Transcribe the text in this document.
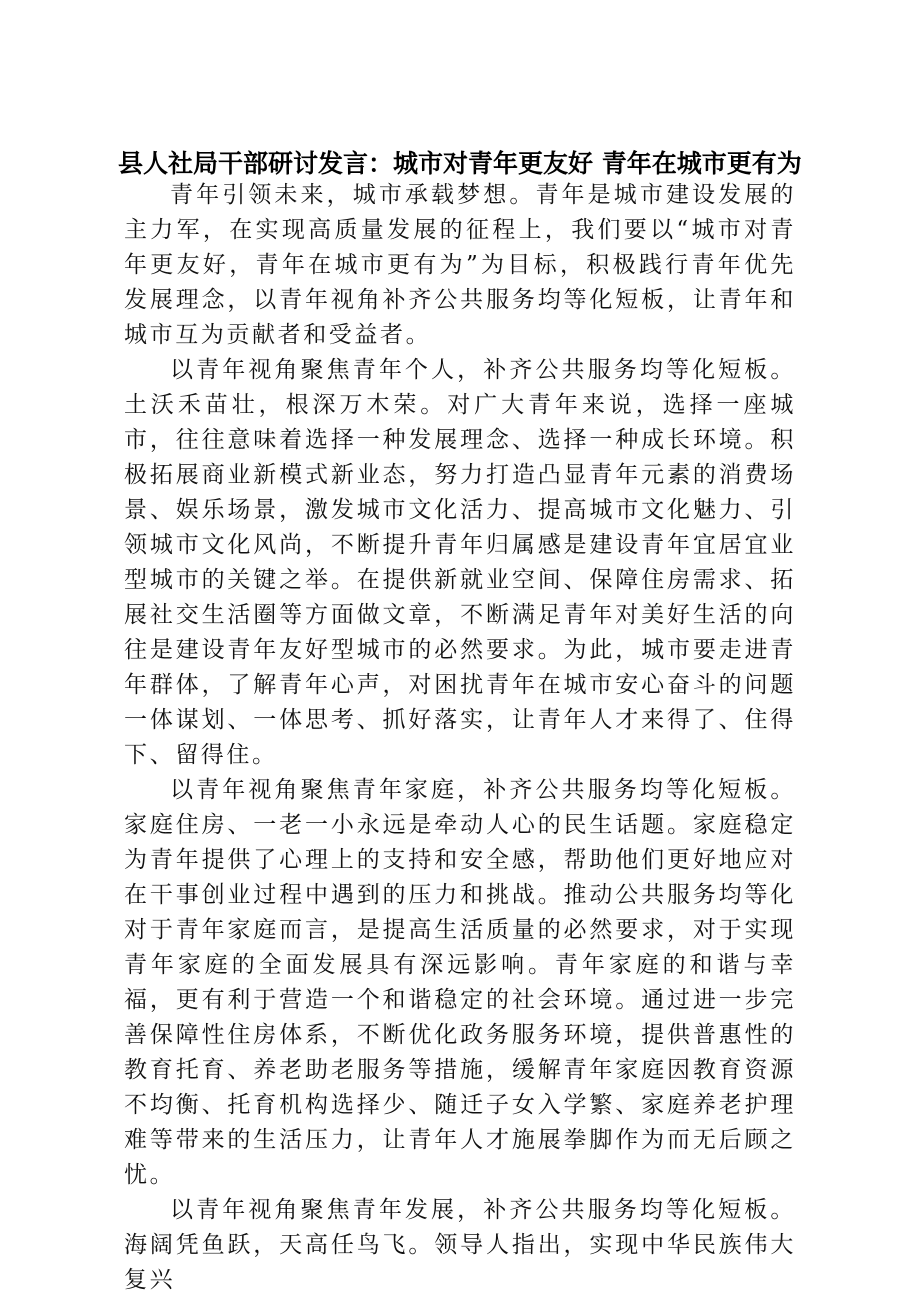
县人社局干部研讨发言：城市对青年更友好 青年在城市更有为

青年引领未来，城市承载梦想。青年是城市建设发展的主力军，在实现高质量发展的征程上，我们要以“城市对青年更友好，青年在城市更有为”为目标，积极践行青年优先发展理念，以青年视角补齐公共服务均等化短板，让青年和城市互为贡献者和受益者。

以青年视角聚焦青年个人，补齐公共服务均等化短板。土沃禾苗壮，根深万木荣。对广大青年来说，选择一座城市，往往意味着选择一种发展理念、选择一种成长环境。积极拓展商业新模式新业态，努力打造凸显青年元素的消费场景、娱乐场景，激发城市文化活力、提高城市文化魅力、引领城市文化风尚，不断提升青年归属感是建设青年宜居宜业型城市的关键之举。在提供新就业空间、保障住房需求、拓展社交生活圈等方面做文章，不断满足青年对美好生活的向往是建设青年友好型城市的必然要求。为此，城市要走进青年群体，了解青年心声，对困扰青年在城市安心奋斗的问题一体谋划、一体思考、抓好落实，让青年人才来得了、住得下、留得住。

以青年视角聚焦青年家庭，补齐公共服务均等化短板。家庭住房、一老一小永远是牵动人心的民生话题。家庭稳定为青年提供了心理上的支持和安全感，帮助他们更好地应对在干事创业过程中遇到的压力和挑战。推动公共服务均等化对于青年家庭而言，是提高生活质量的必然要求，对于实现青年家庭的全面发展具有深远影响。青年家庭的和谐与幸福，更有利于营造一个和谐稳定的社会环境。通过进一步完善保障性住房体系，不断优化政务服务环境，提供普惠性的教育托育、养老助老服务等措施，缓解青年家庭因教育资源不均衡、托育机构选择少、随迁子女入学繁、家庭养老护理难等带来的生活压力，让青年人才施展拳脚作为而无后顾之忧。

以青年视角聚焦青年发展，补齐公共服务均等化短板。海阔凭鱼跃，天高任鸟飞。领导人指出，实现中华民族伟大复兴
